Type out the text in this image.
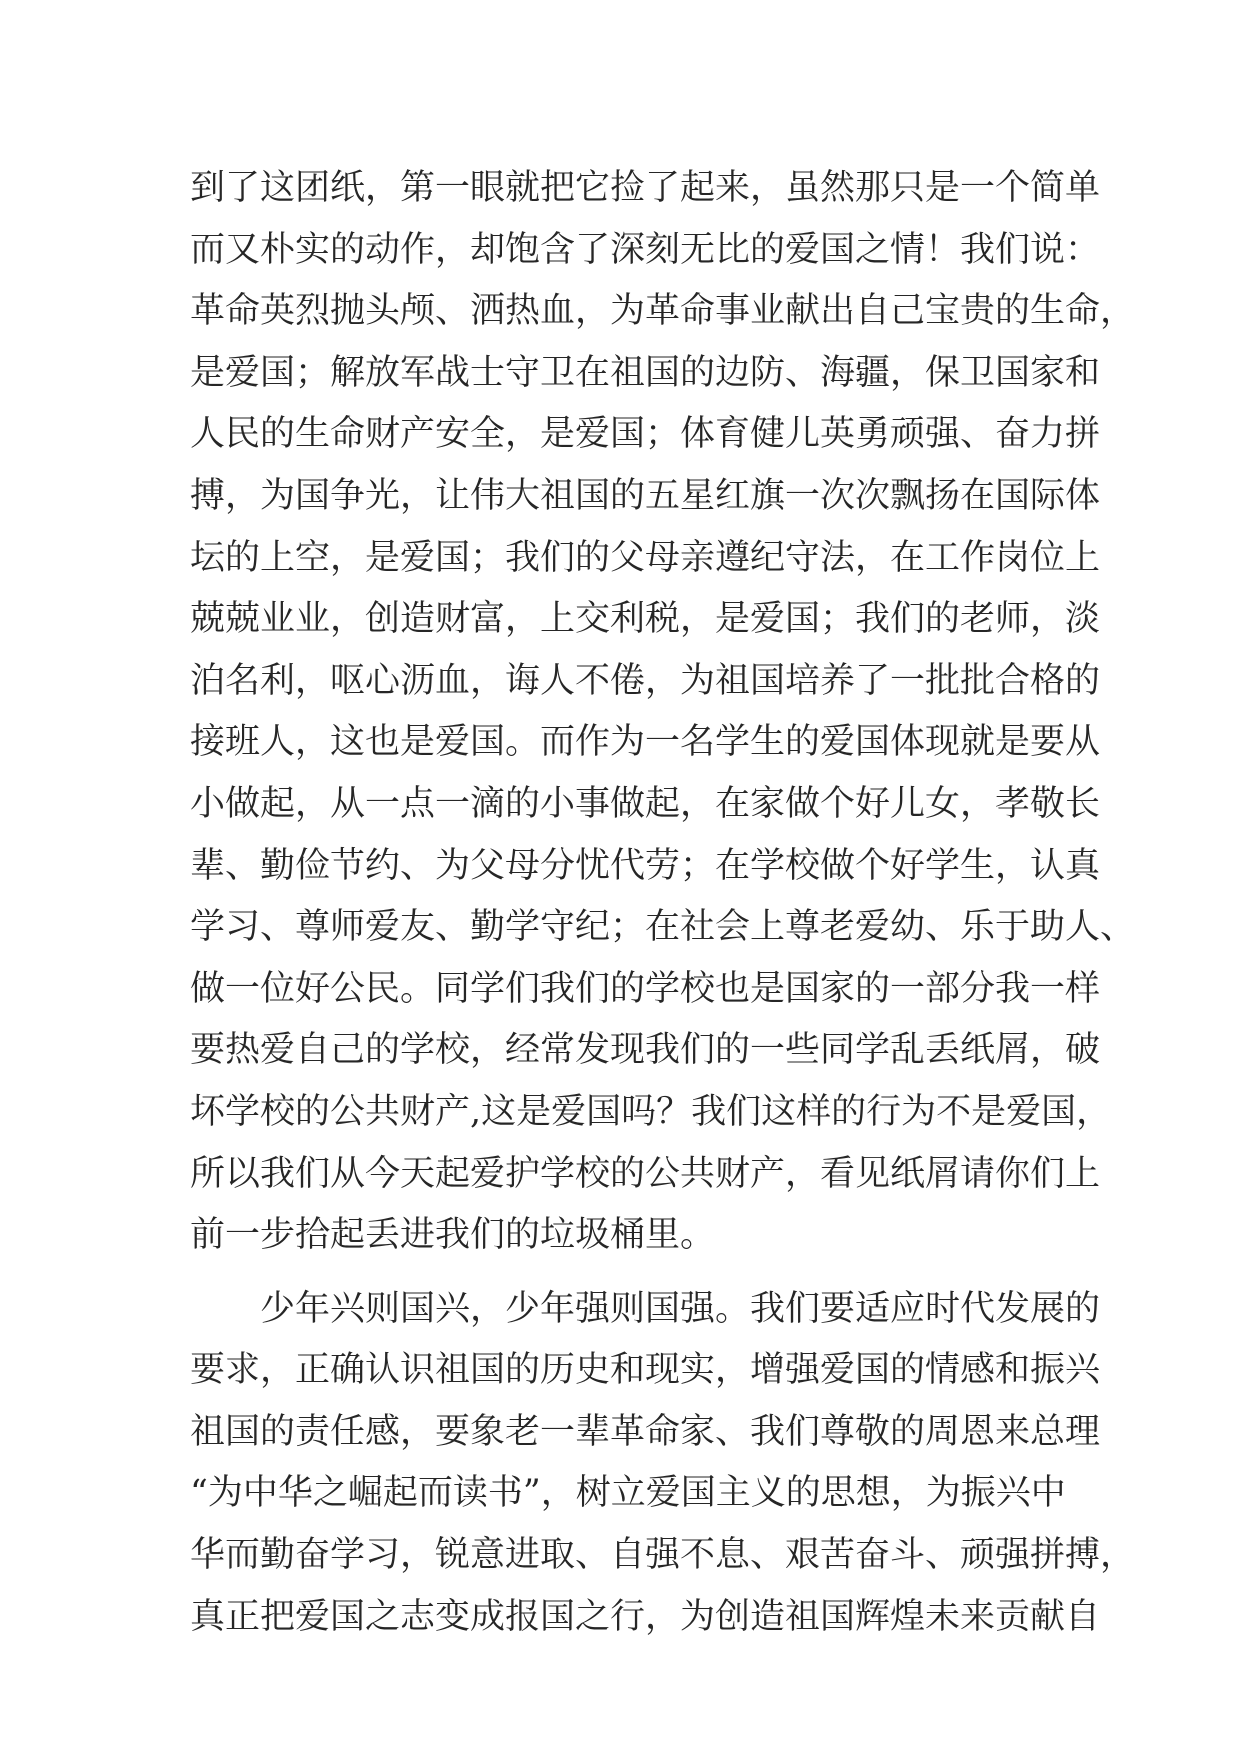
到了这团纸，第一眼就把它捡了起来，虽然那只是一个简单
而又朴实的动作，却饱含了深刻无比的爱国之情！我们说：
革命英烈抛头颅、洒热血，为革命事业献出自己宝贵的生命，
是爱国；解放军战士守卫在祖国的边防、海疆，保卫国家和
人民的生命财产安全，是爱国；体育健儿英勇顽强、奋力拼
搏，为国争光，让伟大祖国的五星红旗一次次飘扬在国际体
坛的上空，是爱国；我们的父母亲遵纪守法，在工作岗位上
兢兢业业，创造财富，上交利税，是爱国；我们的老师，淡
泊名利，呕心沥血，诲人不倦，为祖国培养了一批批合格的
接班人，这也是爱国。而作为一名学生的爱国体现就是要从
小做起，从一点一滴的小事做起，在家做个好儿女，孝敬长
辈、勤俭节约、为父母分忧代劳；在学校做个好学生，认真
学习、尊师爱友、勤学守纪；在社会上尊老爱幼、乐于助人、
做一位好公民。同学们我们的学校也是国家的一部分我一样
要热爱自己的学校，经常发现我们的一些同学乱丢纸屑，破
坏学校的公共财产,这是爱国吗？我们这样的行为不是爱国，
所以我们从今天起爱护学校的公共财产，看见纸屑请你们上
前一步拾起丢进我们的垃圾桶里。
少年兴则国兴，少年强则国强。我们要适应时代发展的
要求，正确认识祖国的历史和现实，增强爱国的情感和振兴
祖国的责任感，要象老一辈革命家、我们尊敬的周恩来总理
“为中华之崛起而读书”，树立爱国主义的思想，为振兴中
华而勤奋学习，锐意进取、自强不息、艰苦奋斗、顽强拼搏，
真正把爱国之志变成报国之行，为创造祖国辉煌未来贡献自
